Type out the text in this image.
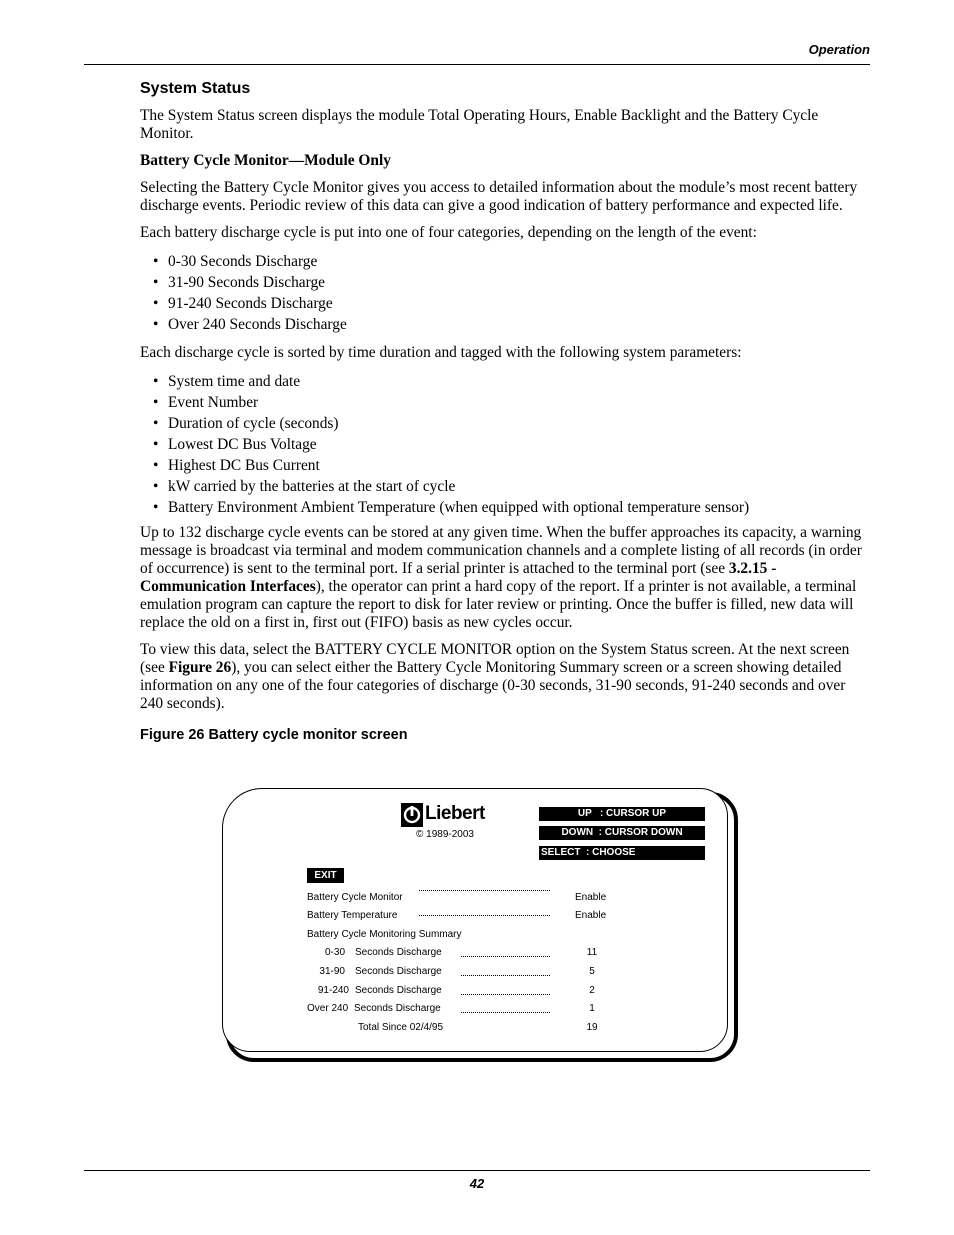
Operation
System Status

The System Status screen displays the module Total Operating Hours, Enable Backlight and the Battery Cycle Monitor.

Battery Cycle Monitor—Module Only

Selecting the Battery Cycle Monitor gives you access to detailed information about the module’s most recent battery discharge events. Periodic review of this data can give a good indication of battery performance and expected life.

Each battery discharge cycle is put into one of four categories, depending on the length of the event:

• 0-30 Seconds Discharge
• 31-90 Seconds Discharge
• 91-240 Seconds Discharge
• Over 240 Seconds Discharge

Each discharge cycle is sorted by time duration and tagged with the following system parameters:

• System time and date
• Event Number
• Duration of cycle (seconds)
• Lowest DC Bus Voltage
• Highest DC Bus Current
• kW carried by the batteries at the start of cycle
• Battery Environment Ambient Temperature (when equipped with optional temperature sensor)

Up to 132 discharge cycle events can be stored at any given time. When the buffer approaches its capacity, a warning message is broadcast via terminal and modem communication channels and a complete listing of all records (in order of occurrence) is sent to the terminal port. If a serial printer is attached to the terminal port (see 3.2.15 - Communication Interfaces), the operator can print a hard copy of the report. If a printer is not available, a terminal emulation program can capture the report to disk for later review or printing. Once the buffer is filled, new data will replace the old on a first in, first out (FIFO) basis as new cycles occur.

To view this data, select the BATTERY CYCLE MONITOR option on the System Status screen. At the next screen (see Figure 26), you can select either the Battery Cycle Monitoring Summary screen or a screen showing detailed information on any one of the four categories of discharge (0-30 seconds, 31-90 seconds, 91-240 seconds and over 240 seconds).

Figure 26 Battery cycle monitor screen
Liebert
© 1989-2003
UP   : CURSOR UP
DOWN  : CURSOR DOWN
SELECT  : CHOOSE
EXIT
Battery Cycle Monitor	Enable
Battery Temperature	Enable
Battery Cycle Monitoring Summary
0-30 Seconds Discharge	11
31-90 Seconds Discharge	5
91-240 Seconds Discharge	2
Over 240 Seconds Discharge	1
Total Since 02/4/95	19
42
